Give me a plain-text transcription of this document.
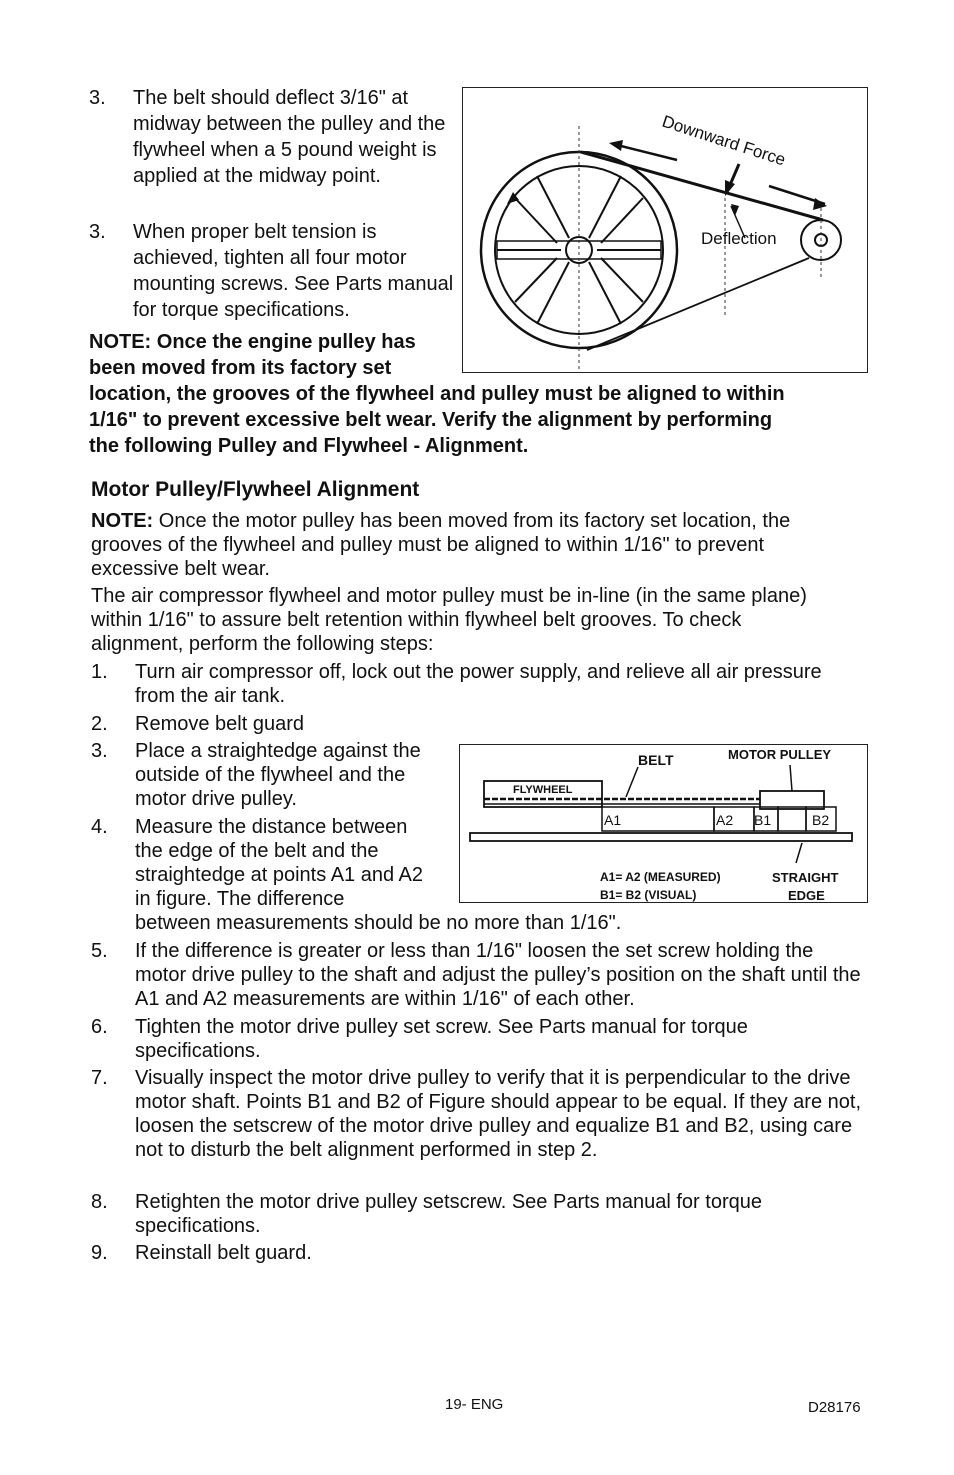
3.	The belt should deflect 3/16" at midway between the pulley and the flywheel when a 5 pound weight is applied at the midway point.
3.	When proper belt tension is achieved, tighten all four motor mounting screws. See Parts manual for torque specifications.
NOTE: Once the engine pulley has
been moved from its factory set
location, the grooves of the flywheel and pulley must be aligned to within
1/16" to prevent excessive belt wear. Verify the alignment by performing
the following Pulley and Flywheel - Alignment.
Downward Force
Deflection
Motor Pulley/Flywheel Alignment
NOTE: Once the motor pulley has been moved from its factory set location, the grooves of the flywheel and pulley must be aligned to within 1/16" to prevent excessive belt wear.
The air compressor flywheel and motor pulley must be in-line (in the same plane) within 1/16" to assure belt retention within flywheel belt grooves. To check alignment, perform the following steps:
1.	Turn air compressor off, lock out the power supply, and relieve all air pressure from the air tank.
2.	Remove belt guard
3.	Place a straightedge against the outside of the flywheel and the motor drive pulley.
4.	Measure the distance between
the edge of the belt and the
straightedge at points A1 and A2
in figure. The difference
between measurements should be no more than 1/16".
5.	If the difference is greater or less than 1/16" loosen the set screw holding the motor drive pulley to the shaft and adjust the pulley’s position on the shaft until the A1 and A2 measurements are within 1/16" of each other.
6.	Tighten the motor drive pulley set screw. See Parts manual for torque specifications.
7.	Visually inspect the motor drive pulley to verify that it is perpendicular to the drive motor shaft. Points B1 and B2 of Figure should appear to be equal. If they are not, loosen the setscrew of the motor drive pulley and equalize B1 and B2, using care not to disturb the belt alignment performed in step 2.
8.	Retighten the motor drive pulley setscrew. See Parts manual for torque specifications.
9.	Reinstall belt guard.
FLYWHEEL
BELT	MOTOR PULLEY
A1	A2 B1	B2
A1= A2 (MEASURED)
B1= B2 (VISUAL)
STRAIGHT
EDGE
19- ENG	D28176
